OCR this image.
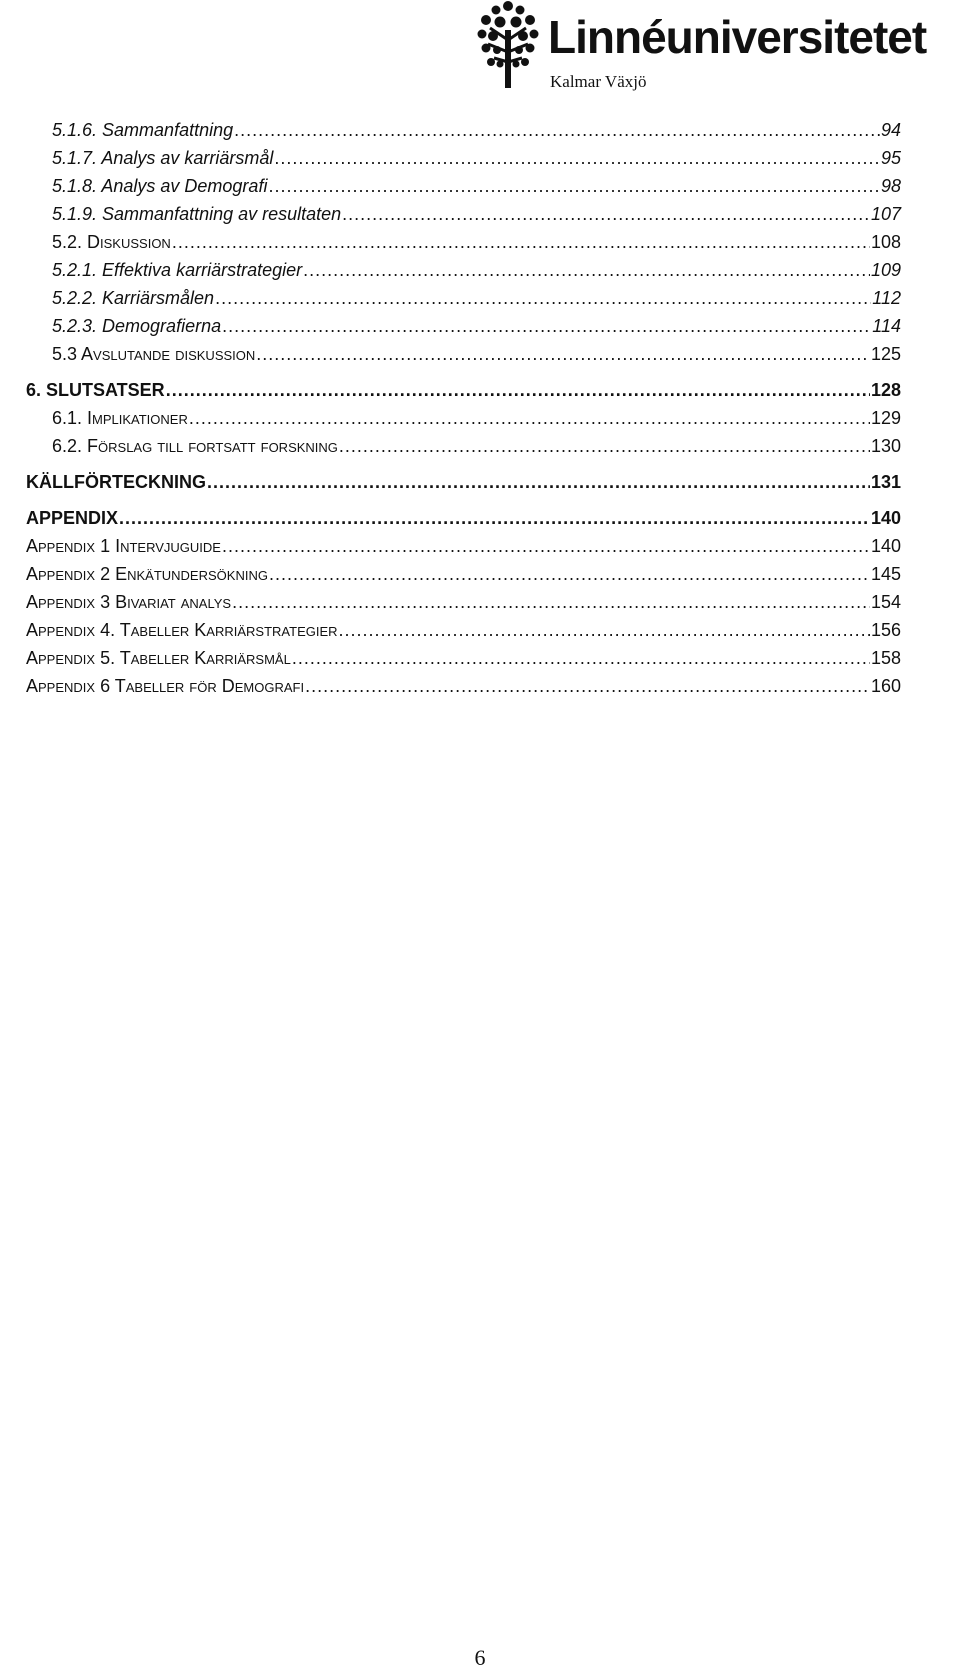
Linnéuniversitetet
Kalmar Växjö
5.1.6. Sammanfattning .....	94
5.1.7. Analys av karriärsmål .....	95
5.1.8. Analys av Demografi .....	98
5.1.9. Sammanfattning av resultaten .....	107
5.2. Diskussion .....	108
5.2.1. Effektiva karriärstrategier .....	109
5.2.2. Karriärsmålen .....	112
5.2.3. Demografierna .....	114
5.3 Avslutande diskussion .....	125
6. SLUTSATSER .....	128
6.1. Implikationer .....	129
6.2. Förslag till fortsatt forskning .....	130
KÄLLFÖRTECKNING .....	131
APPENDIX .....	140
Appendix 1 Intervjuguide .....	140
Appendix 2 Enkätundersökning .....	145
Appendix 3 Bivariat analys .....	154
Appendix 4. Tabeller Karriärstrategier .....	156
Appendix 5. Tabeller Karriärsmål .....	158
Appendix 6 Tabeller för Demografi .....	160
6
